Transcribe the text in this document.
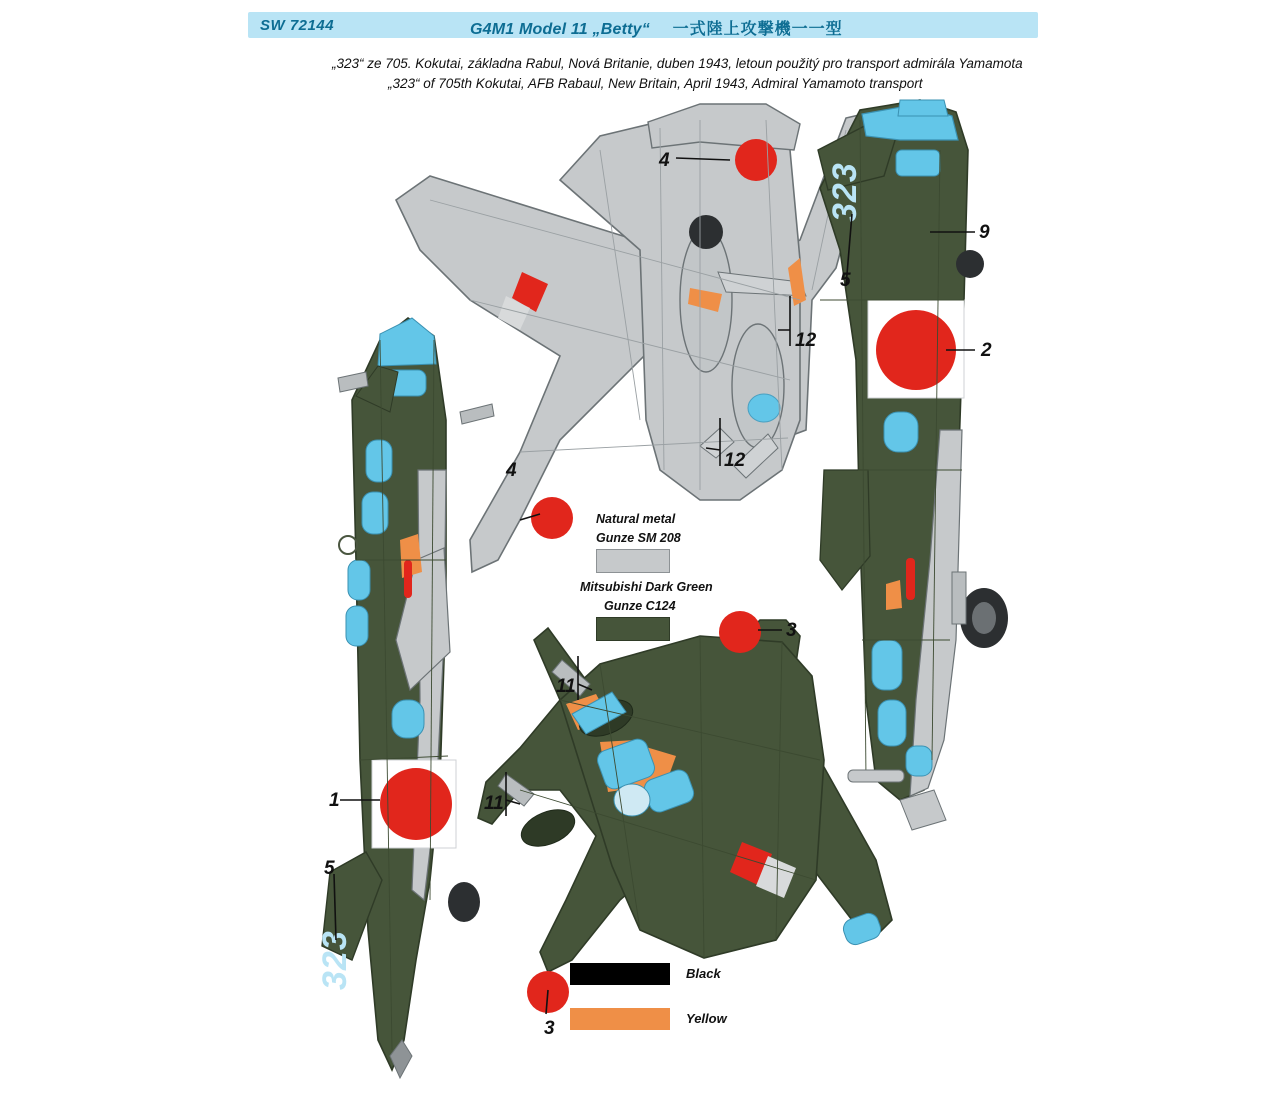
SW 72144	G4M1 Model 11 „Betty“ 一式陸上攻撃機一一型
„323“ ze 705. Kokutai, základna Rabul, Nová Britanie, duben 1943, letoun použitý pro transport admirála Yamamota
„323“ of 705th Kokutai, AFB Rabaul, New Britain, April 1943, Admiral Yamamoto transport
323
323
4
12
12
4
9
2
5
3
11
11
3
1
5
Natural metal
Gunze SM 208
Mitsubishi Dark Green
Gunze C124
Black
Yellow
